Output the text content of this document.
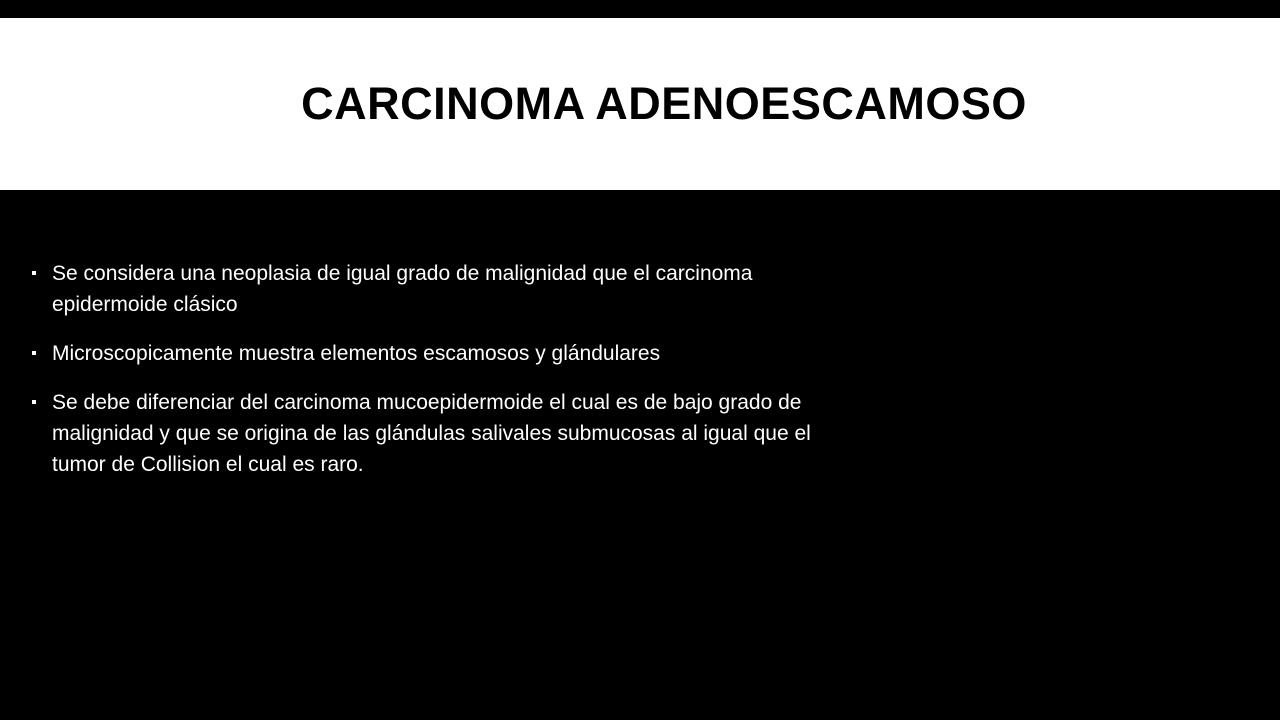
CARCINOMA ADENOESCAMOSO
Se considera una neoplasia de igual grado de malignidad que el carcinoma epidermoide clásico
Microscopicamente muestra elementos escamosos y glándulares
Se debe diferenciar del carcinoma mucoepidermoide el cual es de bajo grado de malignidad y que se origina de las glándulas salivales submucosas al igual que el tumor de Collision el cual es raro.
